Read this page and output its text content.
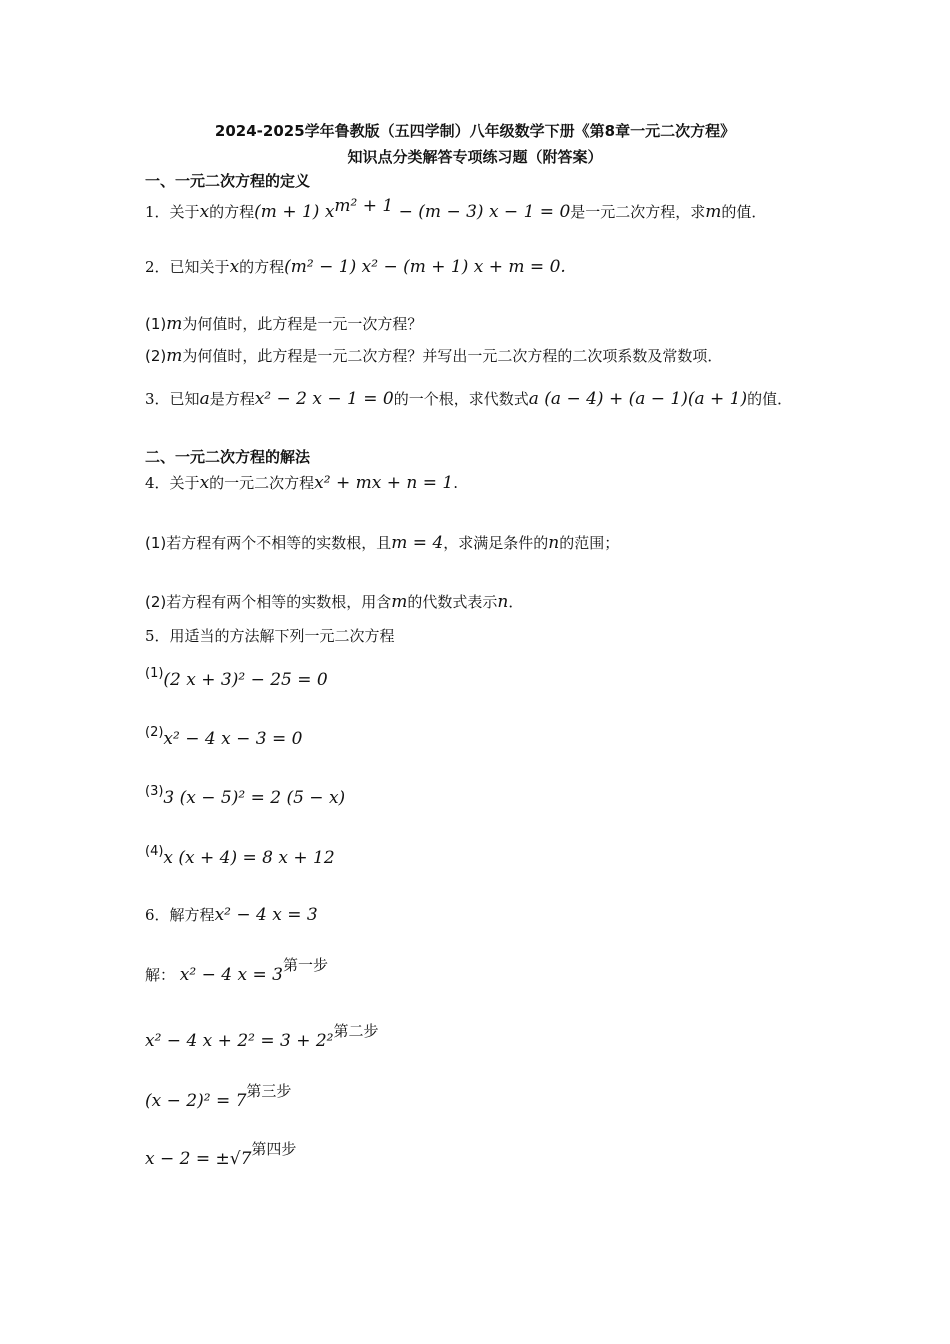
2024-2025学年鲁教版（五四学制）八年级数学下册《第8章一元二次方程》
知识点分类解答专项练习题（附答案）
一、一元二次方程的定义
1．关于x的方程(m + 1) $x^{m^2 + 1} - (m - 3) x - 1 = 0$是一元二次方程，求m的值．
2．已知关于x的方程(m² − 1) x² − (m + 1) x + m = 0.
(1)m为何值时，此方程是一元一次方程？
(2)m为何值时，此方程是一元二次方程？并写出一元二次方程的二次项系数及常数项．
3．已知a是方程x² − 2 x − 1 = 0的一个根，求代数式a (a − 4) + (a − 1)(a + 1)的值．
二、一元二次方程的解法
4．关于x的一元二次方程x² + mx + n = 1.
(1)若方程有两个不相等的实数根，且m = 4，求满足条件的n的范围；
(2)若方程有两个相等的实数根，用含m的代数式表示n．
5．用适当的方法解下列一元二次方程
(1)(2 x + 3)² − 25 = 0
(2)x² − 4 x − 3 = 0
(3)3 (x − 5)² = 2 (5 − x)
(4)x (x + 4) = 8 x + 12
6．解方程x² − 4 x = 3
解： x² − 4 x = 3第一步
x² − 4 x + 2² = 3 + 2²第二步
(x − 2)² = 7第三步
x − 2 = ±√7第四步
